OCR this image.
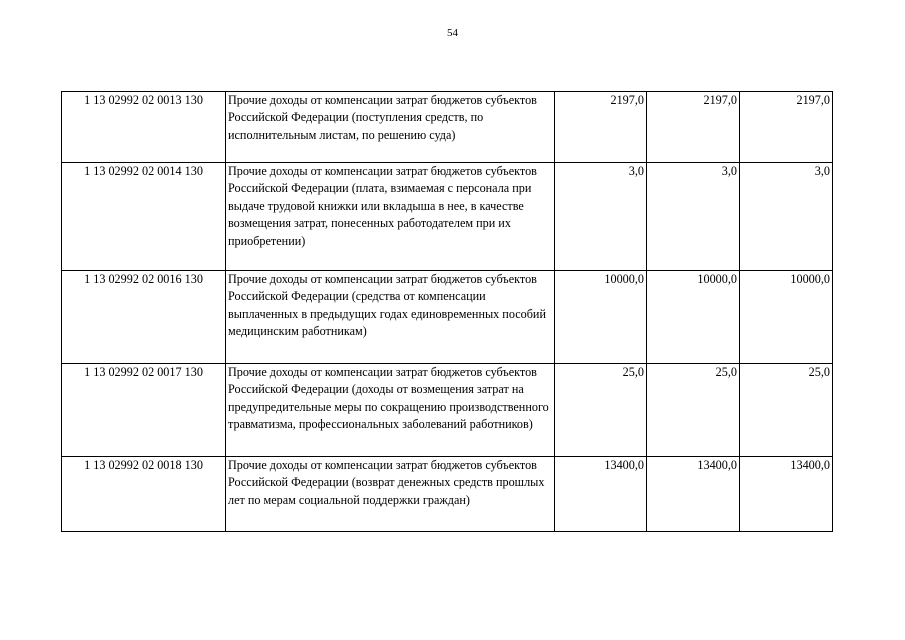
54
1 13 02992 02 0013 130	Прочие доходы от компенсации затрат бюджетов субъектов Российской Федерации (поступления средств, по исполнительным листам, по решению суда)	2197,0	2197,0	2197,0
1 13 02992 02 0014 130	Прочие доходы от компенсации затрат бюджетов субъектов Российской Федерации (плата, взимаемая с персонала при выдаче трудовой книжки или вкладыша в нее, в качестве возмещения затрат, понесенных работодателем при их приобретении)	3,0	3,0	3,0
1 13 02992 02 0016 130	Прочие доходы от компенсации затрат бюджетов субъектов Российской Федерации (средства от компенсации выплаченных в предыдущих годах единовременных пособий медицинским работникам)	10000,0	10000,0	10000,0
1 13 02992 02 0017 130	Прочие доходы от компенсации затрат бюджетов субъектов Российской Федерации (доходы от возмещения затрат на предупредительные меры по сокращению производственного травматизма, профессиональных заболеваний работников)	25,0	25,0	25,0
1 13 02992 02 0018 130	Прочие доходы от компенсации затрат бюджетов субъектов Российской Федерации (возврат денежных средств прошлых лет по мерам социальной поддержки граждан)	13400,0	13400,0	13400,0
